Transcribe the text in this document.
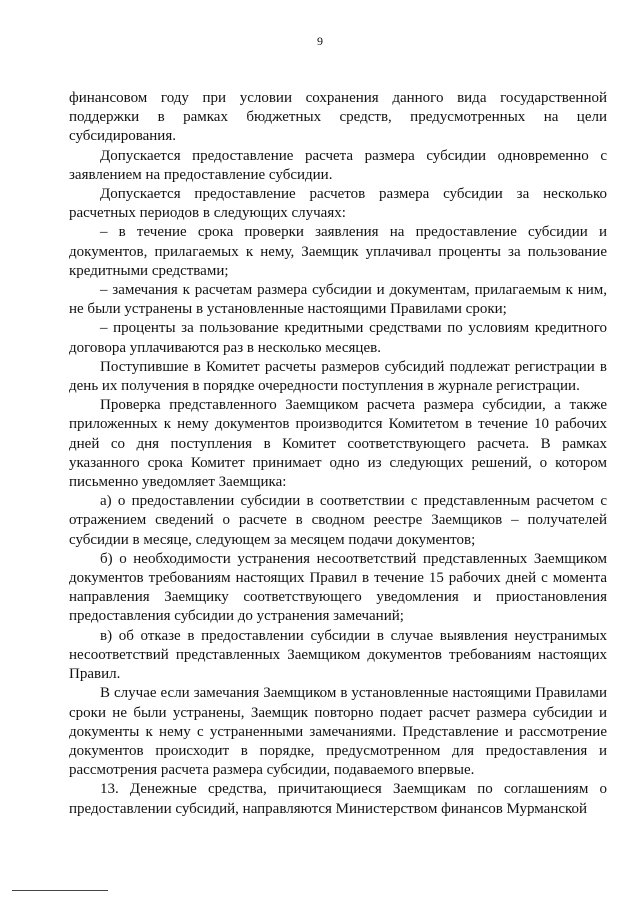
9

финансовом году при условии сохранения данного вида государственной поддержки в рамках бюджетных средств, предусмотренных на цели субсидирования.

Допускается предоставление расчета размера субсидии одновременно с заявлением на предоставление субсидии.

Допускается предоставление расчетов размера субсидии за несколько расчетных периодов в следующих случаях:

– в течение срока проверки заявления на предоставление субсидии и документов, прилагаемых к нему, Заемщик уплачивал проценты за пользование кредитными средствами;

– замечания к расчетам размера субсидии и документам, прилагаемым к ним, не были устранены в установленные настоящими Правилами сроки;

– проценты за пользование кредитными средствами по условиям кредитного договора уплачиваются раз в несколько месяцев.

Поступившие в Комитет расчеты размеров субсидий подлежат регистрации в день их получения в порядке очередности поступления в журнале регистрации.

Проверка представленного Заемщиком расчета размера субсидии, а также приложенных к нему документов производится Комитетом в течение 10 рабочих дней со дня поступления в Комитет соответствующего расчета. В рамках указанного срока Комитет принимает одно из следующих решений, о котором письменно уведомляет Заемщика:

а) о предоставлении субсидии в соответствии с представленным расчетом с отражением сведений о расчете в сводном реестре Заемщиков – получателей субсидии в месяце, следующем за месяцем подачи документов;

б) о необходимости устранения несоответствий представленных Заемщиком документов требованиям настоящих Правил в течение 15 рабочих дней с момента направления Заемщику соответствующего уведомления и приостановления предоставления субсидии до устранения замечаний;

в) об отказе в предоставлении субсидии в случае выявления неустранимых несоответствий представленных Заемщиком документов требованиям настоящих Правил.

В случае если замечания Заемщиком в установленные настоящими Правилами сроки не были устранены, Заемщик повторно подает расчет размера субсидии и документы к нему с устраненными замечаниями. Представление и рассмотрение документов происходит в порядке, предусмотренном для предоставления и рассмотрения расчета размера субсидии, подаваемого впервые.

13. Денежные средства, причитающиеся Заемщикам по соглашениям о предоставлении субсидий, направляются Министерством финансов Мурманской
